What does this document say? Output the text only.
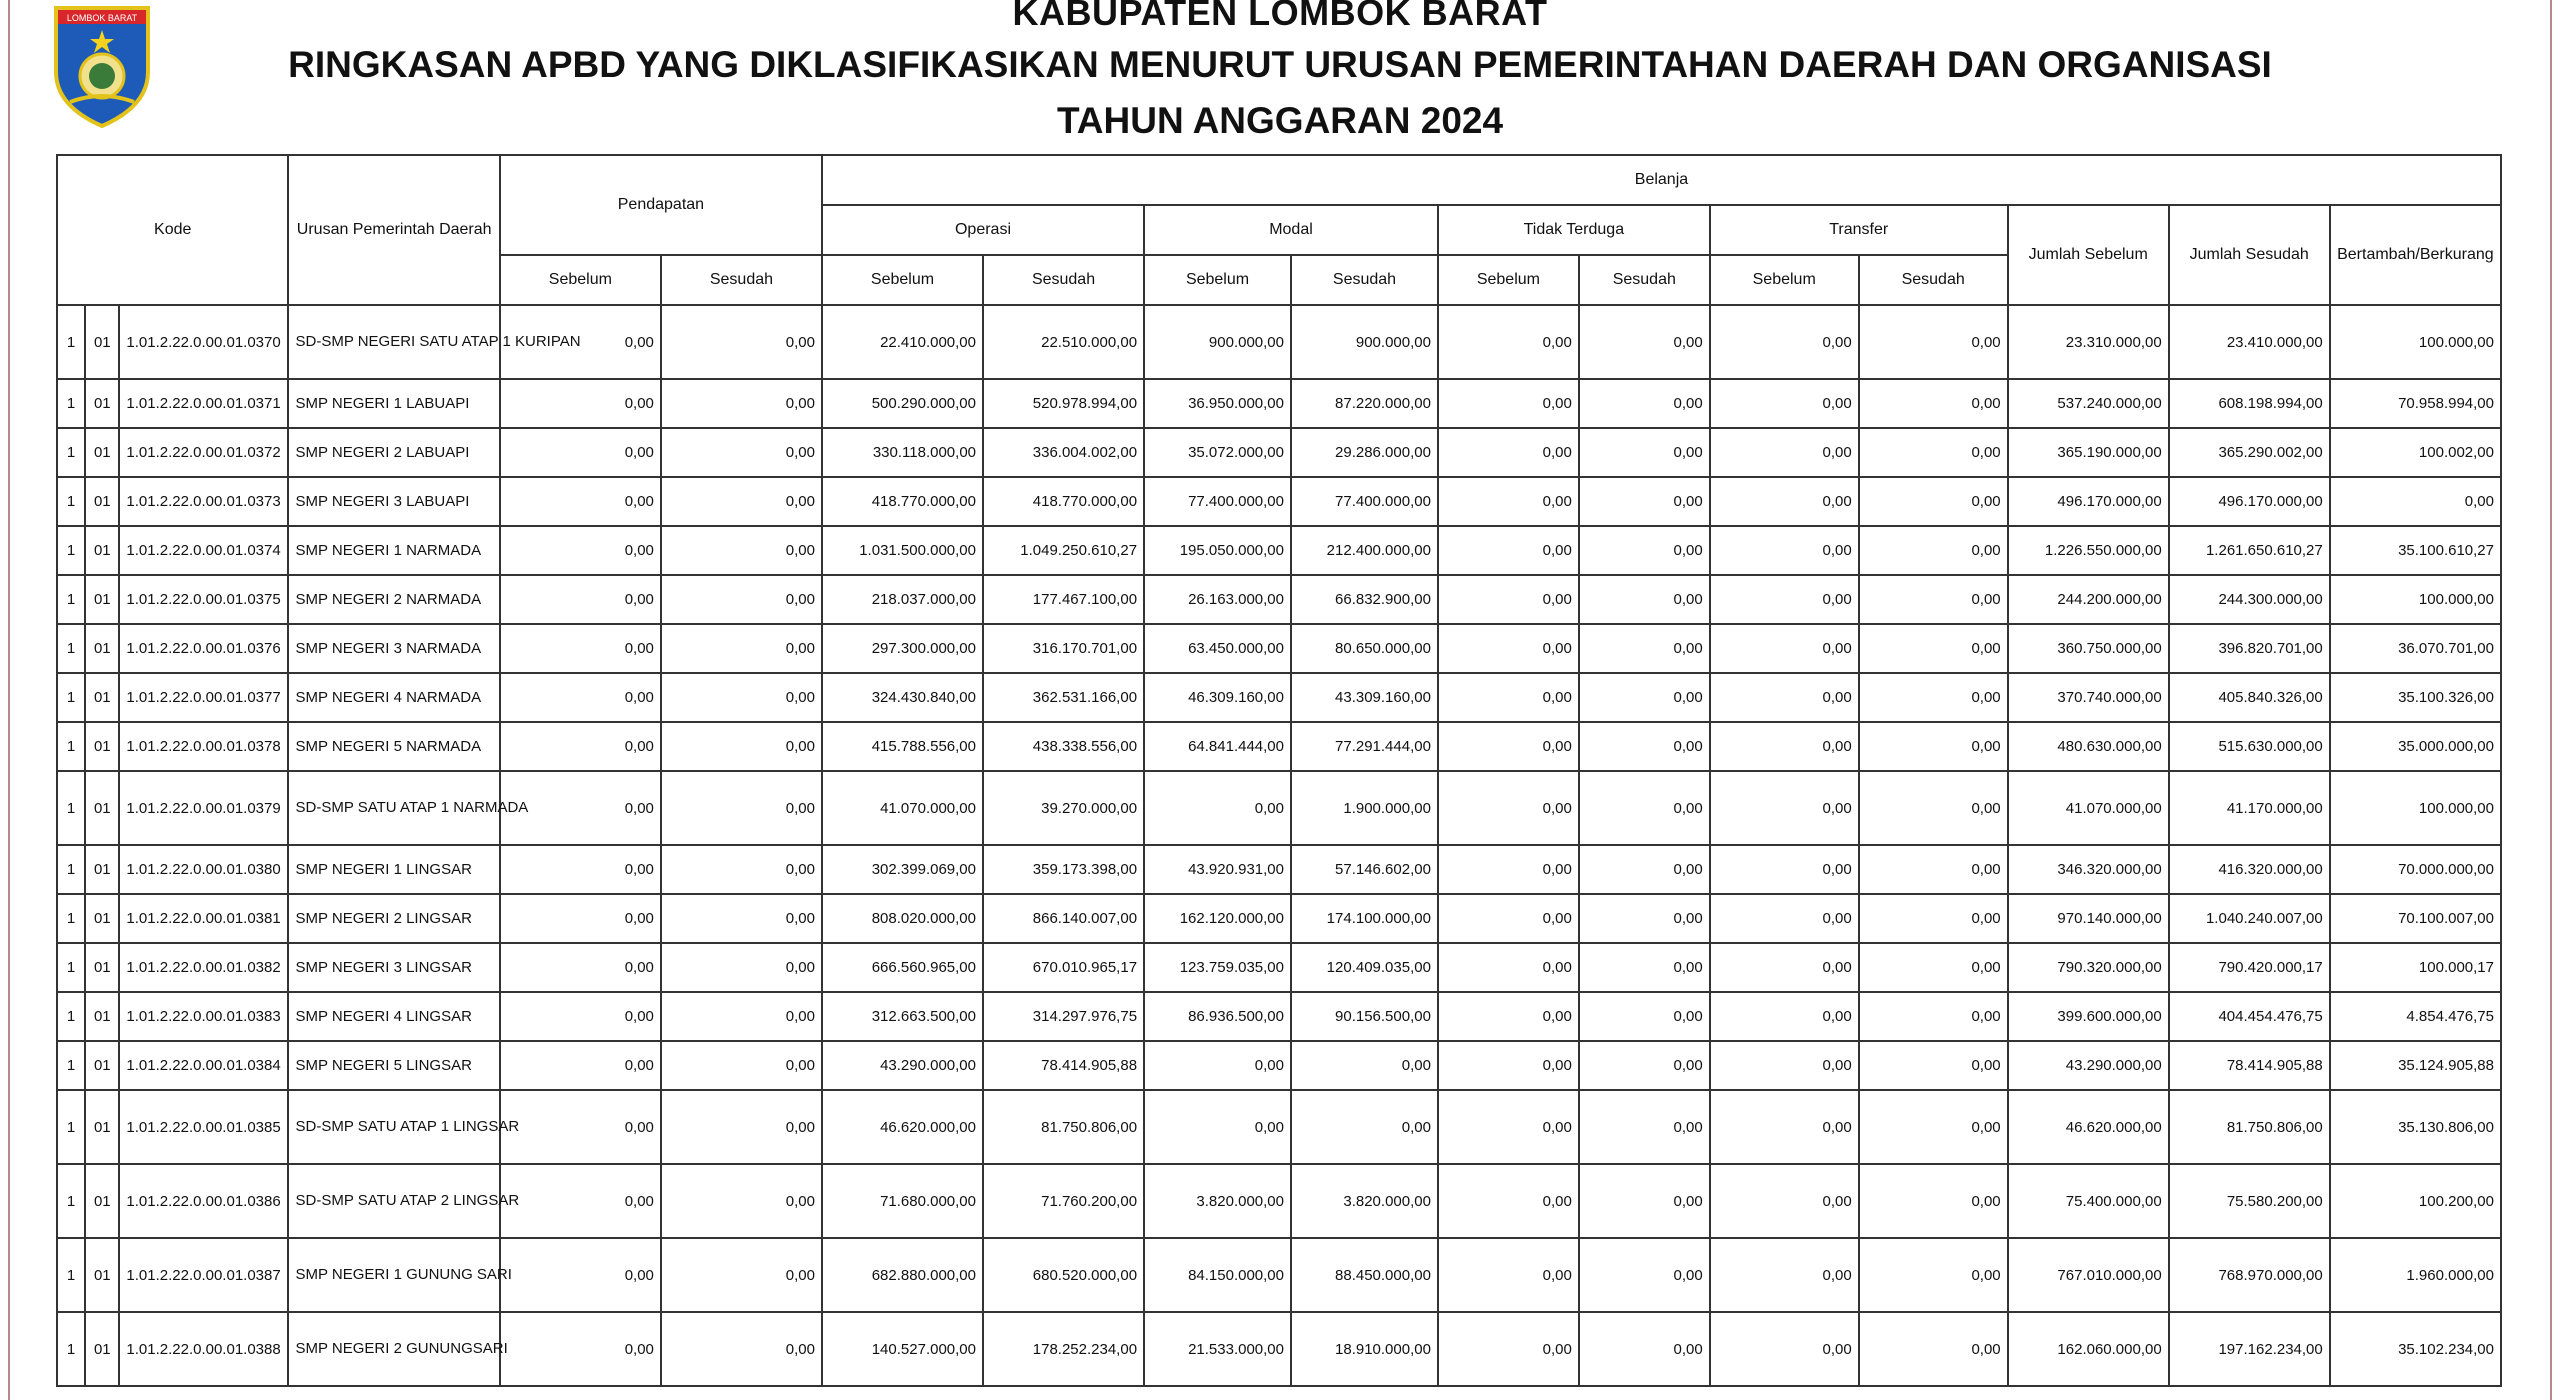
LOMBOK BARAT	KABUPATEN LOMBOK BARAT
RINGKASAN APBD YANG DIKLASIFIKASIKAN MENURUT URUSAN PEMERINTAHAN DAERAH DAN ORGANISASI
TAHUN ANGGARAN 2024
Kode			Urusan Pemerintah Daerah	Pendapatan		Belanja										
						Operasi		Modal		Tidak Terduga		Transfer		Jumlah Sebelum	Jumlah Sesudah	Bertambah/Berkurang
				Sebelum	Sesudah	Sebelum	Sesudah	Sebelum	Sesudah	Sebelum	Sesudah	Sebelum	Sesudah			
1	01	1.01.2.22.0.00.01.0370	SD-SMP NEGERI SATU ATAP 1 KURIPAN	0,00	0,00	22.410.000,00	22.510.000,00	900.000,00	900.000,00	0,00	0,00	0,00	0,00	23.310.000,00	23.410.000,00	100.000,00
1	01	1.01.2.22.0.00.01.0371	SMP NEGERI 1 LABUAPI	0,00	0,00	500.290.000,00	520.978.994,00	36.950.000,00	87.220.000,00	0,00	0,00	0,00	0,00	537.240.000,00	608.198.994,00	70.958.994,00
1	01	1.01.2.22.0.00.01.0372	SMP NEGERI 2 LABUAPI	0,00	0,00	330.118.000,00	336.004.002,00	35.072.000,00	29.286.000,00	0,00	0,00	0,00	0,00	365.190.000,00	365.290.002,00	100.002,00
1	01	1.01.2.22.0.00.01.0373	SMP NEGERI 3 LABUAPI	0,00	0,00	418.770.000,00	418.770.000,00	77.400.000,00	77.400.000,00	0,00	0,00	0,00	0,00	496.170.000,00	496.170.000,00	0,00
1	01	1.01.2.22.0.00.01.0374	SMP NEGERI 1 NARMADA	0,00	0,00	1.031.500.000,00	1.049.250.610,27	195.050.000,00	212.400.000,00	0,00	0,00	0,00	0,00	1.226.550.000,00	1.261.650.610,27	35.100.610,27
1	01	1.01.2.22.0.00.01.0375	SMP NEGERI 2 NARMADA	0,00	0,00	218.037.000,00	177.467.100,00	26.163.000,00	66.832.900,00	0,00	0,00	0,00	0,00	244.200.000,00	244.300.000,00	100.000,00
1	01	1.01.2.22.0.00.01.0376	SMP NEGERI 3 NARMADA	0,00	0,00	297.300.000,00	316.170.701,00	63.450.000,00	80.650.000,00	0,00	0,00	0,00	0,00	360.750.000,00	396.820.701,00	36.070.701,00
1	01	1.01.2.22.0.00.01.0377	SMP NEGERI 4 NARMADA	0,00	0,00	324.430.840,00	362.531.166,00	46.309.160,00	43.309.160,00	0,00	0,00	0,00	0,00	370.740.000,00	405.840.326,00	35.100.326,00
1	01	1.01.2.22.0.00.01.0378	SMP NEGERI 5 NARMADA	0,00	0,00	415.788.556,00	438.338.556,00	64.841.444,00	77.291.444,00	0,00	0,00	0,00	0,00	480.630.000,00	515.630.000,00	35.000.000,00
1	01	1.01.2.22.0.00.01.0379	SD-SMP SATU ATAP 1 NARMADA	0,00	0,00	41.070.000,00	39.270.000,00	0,00	1.900.000,00	0,00	0,00	0,00	0,00	41.070.000,00	41.170.000,00	100.000,00
1	01	1.01.2.22.0.00.01.0380	SMP NEGERI 1 LINGSAR	0,00	0,00	302.399.069,00	359.173.398,00	43.920.931,00	57.146.602,00	0,00	0,00	0,00	0,00	346.320.000,00	416.320.000,00	70.000.000,00
1	01	1.01.2.22.0.00.01.0381	SMP NEGERI 2 LINGSAR	0,00	0,00	808.020.000,00	866.140.007,00	162.120.000,00	174.100.000,00	0,00	0,00	0,00	0,00	970.140.000,00	1.040.240.007,00	70.100.007,00
1	01	1.01.2.22.0.00.01.0382	SMP NEGERI 3 LINGSAR	0,00	0,00	666.560.965,00	670.010.965,17	123.759.035,00	120.409.035,00	0,00	0,00	0,00	0,00	790.320.000,00	790.420.000,17	100.000,17
1	01	1.01.2.22.0.00.01.0383	SMP NEGERI 4 LINGSAR	0,00	0,00	312.663.500,00	314.297.976,75	86.936.500,00	90.156.500,00	0,00	0,00	0,00	0,00	399.600.000,00	404.454.476,75	4.854.476,75
1	01	1.01.2.22.0.00.01.0384	SMP NEGERI 5 LINGSAR	0,00	0,00	43.290.000,00	78.414.905,88	0,00	0,00	0,00	0,00	0,00	0,00	43.290.000,00	78.414.905,88	35.124.905,88
1	01	1.01.2.22.0.00.01.0385	SD-SMP SATU ATAP 1 LINGSAR	0,00	0,00	46.620.000,00	81.750.806,00	0,00	0,00	0,00	0,00	0,00	0,00	46.620.000,00	81.750.806,00	35.130.806,00
1	01	1.01.2.22.0.00.01.0386	SD-SMP SATU ATAP 2 LINGSAR	0,00	0,00	71.680.000,00	71.760.200,00	3.820.000,00	3.820.000,00	0,00	0,00	0,00	0,00	75.400.000,00	75.580.200,00	100.200,00
1	01	1.01.2.22.0.00.01.0387	SMP NEGERI 1 GUNUNG SARI	0,00	0,00	682.880.000,00	680.520.000,00	84.150.000,00	88.450.000,00	0,00	0,00	0,00	0,00	767.010.000,00	768.970.000,00	1.960.000,00
1	01	1.01.2.22.0.00.01.0388	SMP NEGERI 2 GUNUNGSARI	0,00	0,00	140.527.000,00	178.252.234,00	21.533.000,00	18.910.000,00	0,00	0,00	0,00	0,00	162.060.000,00	197.162.234,00	35.102.234,00
